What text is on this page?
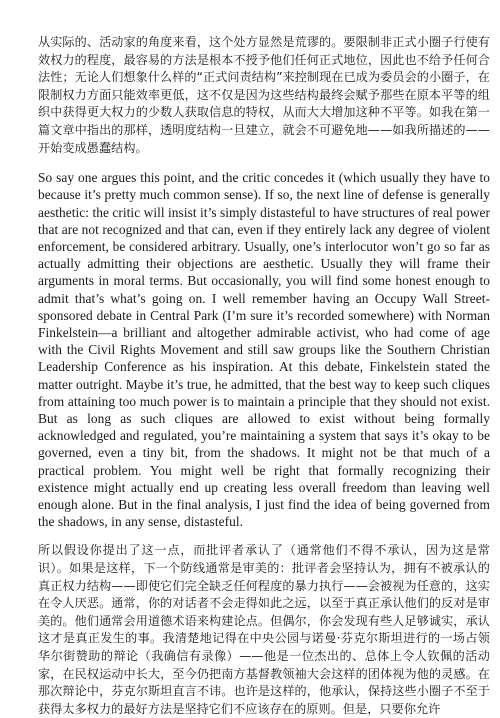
从实际的、活动家的角度来看，这个处方显然是荒谬的。要限制非正式小圈子行使有效权力的程度，最容易的方法是根本不授予他们任何正式地位，因此也不给予任何合法性；无论人们想象什么样的“正式问责结构”来控制现在已成为委员会的小圈子，在限制权力方面只能效率更低，这不仅是因为这些结构最终会赋予那些在原本平等的组织中获得更大权力的少数人获取信息的特权，从而大大增加这种不平等。如我在第一篇文章中指出的那样，透明度结构一旦建立，就会不可避免地——如我所描述的——开始变成愚蠢结构。

So say one argues this point, and the critic concedes it (which usually they have to because it’s pretty much common sense). If so, the next line of defense is generally aesthetic: the critic will insist it’s simply distasteful to have structures of real power that are not recognized and that can, even if they entirely lack any degree of violent enforcement, be considered arbitrary. Usually, one’s interlocutor won’t go so far as actually admitting their objections are aesthetic. Usually they will frame their arguments in moral terms. But occasionally, you will find some honest enough to admit that’s what’s going on. I well remember having an Occupy Wall Street-sponsored debate in Central Park (I’m sure it’s recorded somewhere) with Norman Finkelstein—a brilliant and altogether admirable activist, who had come of age with the Civil Rights Movement and still saw groups like the Southern Christian Leadership Conference as his inspiration. At this debate, Finkelstein stated the matter outright. Maybe it’s true, he admitted, that the best way to keep such cliques from attaining too much power is to maintain a principle that they should not exist. But as long as such cliques are allowed to exist without being formally acknowledged and regulated, you’re maintaining a system that says it’s okay to be governed, even a tiny bit, from the shadows. It might not be that much of a practical problem. You might well be right that formally recognizing their existence might actually end up creating less overall freedom than leaving well enough alone. But in the final analysis, I just find the idea of being governed from the shadows, in any sense, distasteful.

所以假设你提出了这一点，而批评者承认了（通常他们不得不承认，因为这是常识）。如果是这样，下一个防线通常是审美的：批评者会坚持认为，拥有不被承认的真正权力结构——即使它们完全缺乏任何程度的暴力执行——会被视为任意的，这实在令人厌恶。通常，你的对话者不会走得如此之远，以至于真正承认他们的反对是审美的。他们通常会用道德术语来构建论点。但偶尔，你会发现有些人足够诚实，承认这才是真正发生的事。我清楚地记得在中央公园与诺曼·芬克尔斯坦进行的一场占领华尔街赞助的辩论（我确信有录像）——他是一位杰出的、总体上令人钦佩的活动家，在民权运动中长大，至今仍把南方基督教领袖大会这样的团体视为他的灵感。在那次辩论中，芬克尔斯坦直言不讳。也许是这样的，他承认，保持这些小圈子不至于获得太多权力的最好方法是坚持它们不应该存在的原则。但是，只要你允许
